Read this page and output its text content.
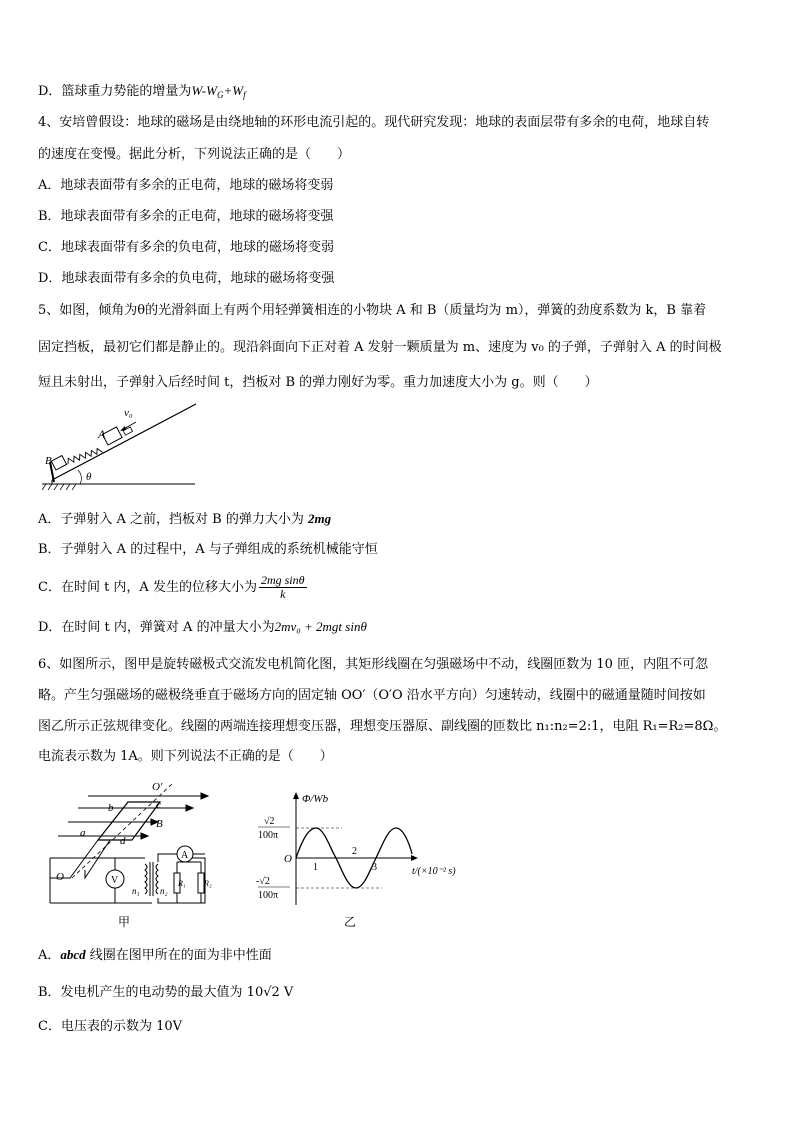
D．篮球重力势能的增量为$W-W_G+W_f$
4、安培曾假设：地球的磁场是由绕地轴的环形电流引起的。现代研究发现：地球的表面层带有多余的电荷，地球自转
的速度在变慢。据此分析，下列说法正确的是（　　）
A．地球表面带有多余的正电荷，地球的磁场将变弱
B．地球表面带有多余的正电荷，地球的磁场将变强
C．地球表面带有多余的负电荷，地球的磁场将变弱
D．地球表面带有多余的负电荷，地球的磁场将变强
5、如图，倾角为θ的光滑斜面上有两个用轻弹簧相连的小物块 A 和 B（质量均为 m），弹簧的劲度系数为 k，B 靠着
固定挡板，最初它们都是静止的。现沿斜面向下正对着 A 发射一颗质量为 m、速度为 v₀ 的子弹，子弹射入 A 的时间极
短且未射出，子弹射入后经时间 t，挡板对 B 的弹力刚好为零。重力加速度大小为 g。则（　　）
v₀
A
B
θ
A．子弹射入 A 之前，挡板对 B 的弹力大小为 2mg
B．子弹射入 A 的过程中，A 与子弹组成的系统机械能守恒
C．在时间 t 内，A 发生的位移大小为 $\frac{\text{2mg sinθ}}{k}$
D．在时间 t 内，弹簧对 A 的冲量大小为2mv₀ + 2mgt sinθ
6、如图所示，图甲是旋转磁极式交流发电机简化图，其矩形线圈在匀强磁场中不动，线圈匝数为 10 匝，内阻不可忽
略。产生匀强磁场的磁极绕垂直于磁场方向的固定轴 OO′（O′O 沿水平方向）匀速转动，线圈中的磁通量随时间按如
图乙所示正弦规律变化。线圈的两端连接理想变压器，理想变压器原、副线圈的匝数比 n₁:n₂=2:1，电阻 R₁=R₂=8Ω。
电流表示数为 1A。则下列说法不正确的是（　　）
V
n₁ n₂
A
O′
b	c
B
a
d
O
R₁ R₂
甲
Φ/Wb
√2
100π
O
-√2
100π
1
2
3	t/(×10⁻² s)
乙
A．abcd 线圈在图甲所在的面为非中性面
B．发电机产生的电动势的最大值为 10√2 V
C．电压表的示数为 10V
